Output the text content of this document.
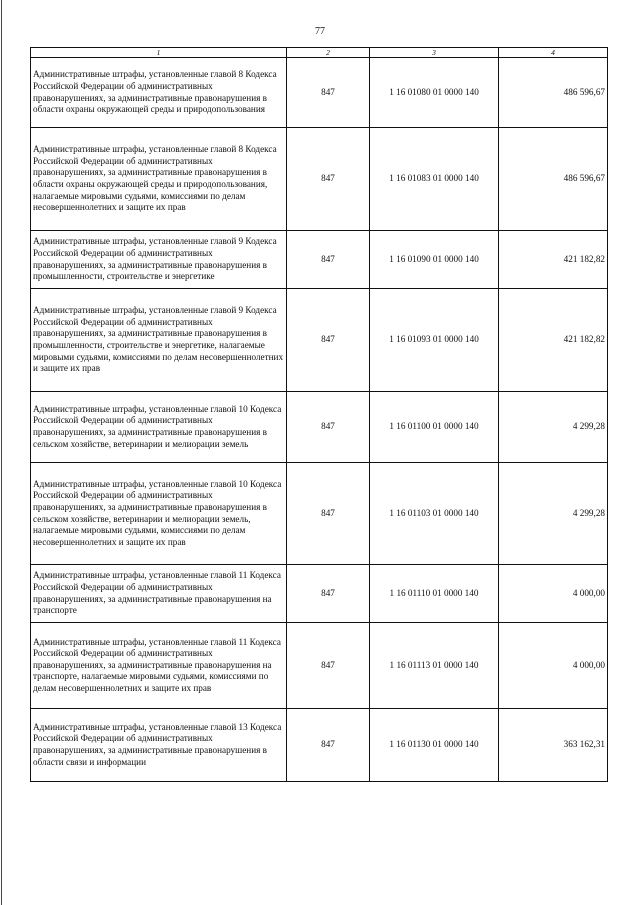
77
1	2	3	4
Административные штрафы, установленные главой 8 Кодекса Российской Федерации об административных правонарушениях, за административные правонарушения в области охраны окружающей среды и природопользования	847	1 16 01080 01 0000 140	486 596,67
Административные штрафы, установленные главой 8 Кодекса Российской Федерации об административных правонарушениях, за административные правонарушения в области охраны окружающей среды и природопользования, налагаемые мировыми судьями, комиссиями по делам несовершеннолетних и защите их прав	847	1 16 01083 01 0000 140	486 596,67
Административные штрафы, установленные главой 9 Кодекса Российской Федерации об административных правонарушениях, за административные правонарушения в промышленности, строительстве и энергетике	847	1 16 01090 01 0000 140	421 182,82
Административные штрафы, установленные главой 9 Кодекса Российской Федерации об административных правонарушениях, за административные правонарушения в промышленности, строительстве и энергетике, налагаемые мировыми судьями, комиссиями по делам несовершеннолетних и защите их прав	847	1 16 01093 01 0000 140	421 182,82
Административные штрафы, установленные главой 10 Кодекса Российской Федерации об административных правонарушениях, за административные правонарушения в сельском хозяйстве, ветеринарии и мелиорации земель	847	1 16 01100 01 0000 140	4 299,28
Административные штрафы, установленные главой 10 Кодекса Российской Федерации об административных правонарушениях, за административные правонарушения в сельском хозяйстве, ветеринарии и мелиорации земель, налагаемые мировыми судьями, комиссиями по делам несовершеннолетних и защите их прав	847	1 16 01103 01 0000 140	4 299,28
Административные штрафы, установленные главой 11 Кодекса Российской Федерации об административных правонарушениях, за административные правонарушения на транспорте	847	1 16 01110 01 0000 140	4 000,00
Административные штрафы, установленные главой 11 Кодекса Российской Федерации об административных правонарушениях, за административные правонарушения на транспорте, налагаемые мировыми судьями, комиссиями по делам несовершеннолетних и защите их прав	847	1 16 01113 01 0000 140	4 000,00
Административные штрафы, установленные главой 13 Кодекса Российской Федерации об административных правонарушениях, за административные правонарушения в области связи и информации	847	1 16 01130 01 0000 140	363 162,31
